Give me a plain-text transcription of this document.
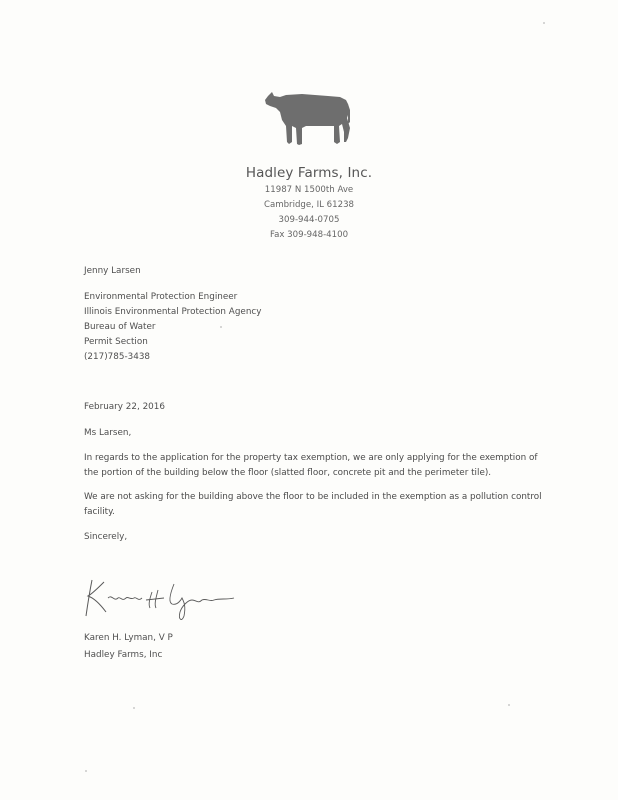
Hadley Farms, Inc.
11987 N 1500th Ave
Cambridge, IL 61238
309-944-0705
Fax 309-948-4100
Jenny Larsen
Environmental Protection Engineer
Illinois Environmental Protection Agency
Bureau of Water
Permit Section
(217)785-3438
February 22, 2016
Ms Larsen,
In regards to the application for the property tax exemption, we are only applying for the exemption of the portion of the building below the floor (slatted floor, concrete pit and the perimeter tile).
We are not asking for the building above the floor to be included in the exemption as a pollution control facility.
Sincerely,
Karen H. Lyman, V P
Hadley Farms, Inc
